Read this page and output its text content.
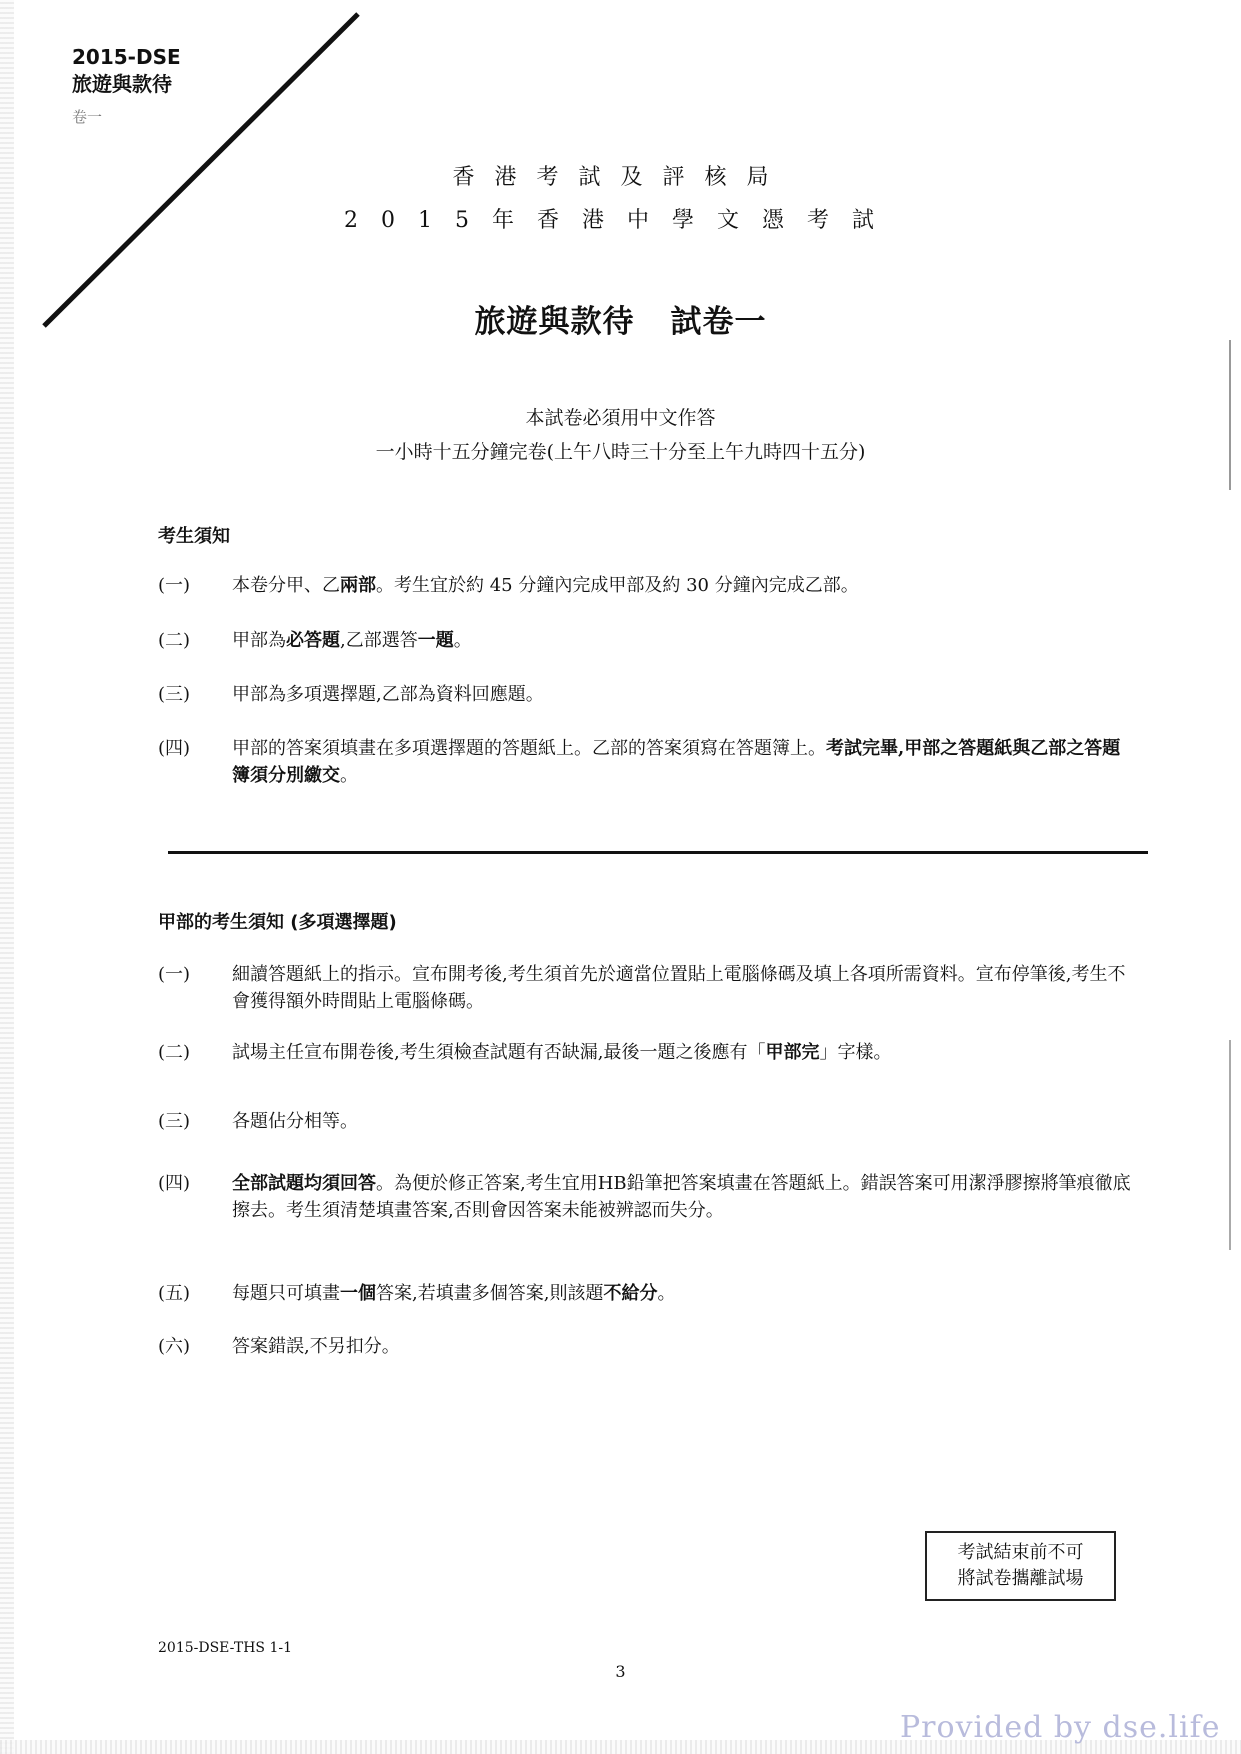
2015-DSE
旅遊與款待
卷一
香港考試及評核局
2015年香港中學文憑考試
旅遊與款待 試卷一
本試卷必須用中文作答
一小時十五分鐘完卷(上午八時三十分至上午九時四十五分)
考生須知
(一)	本卷分甲、乙兩部。考生宜於約 45 分鐘內完成甲部及約 30 分鐘內完成乙部。
(二)	甲部為必答題,乙部選答一題。
(三)	甲部為多項選擇題,乙部為資料回應題。
(四)	甲部的答案須填畫在多項選擇題的答題紙上。乙部的答案須寫在答題簿上。考試完畢,甲部之答題紙與乙部之答題簿須分別繳交。
甲部的考生須知 (多項選擇題)
(一)	細讀答題紙上的指示。宣布開考後,考生須首先於適當位置貼上電腦條碼及填上各項所需資料。宣布停筆後,考生不會獲得額外時間貼上電腦條碼。
(二)	試場主任宣布開卷後,考生須檢查試題有否缺漏,最後一題之後應有「甲部完」字樣。
(三)	各題佔分相等。
(四)	全部試題均須回答。為便於修正答案,考生宜用HB鉛筆把答案填畫在答題紙上。錯誤答案可用潔淨膠擦將筆痕徹底擦去。考生須清楚填畫答案,否則會因答案未能被辨認而失分。
(五)	每題只可填畫一個答案,若填畫多個答案,則該題不給分。
(六)	答案錯誤,不另扣分。
考試結束前不可
將試卷攜離試場
2015-DSE-THS 1-1
3
Provided by dse.life
